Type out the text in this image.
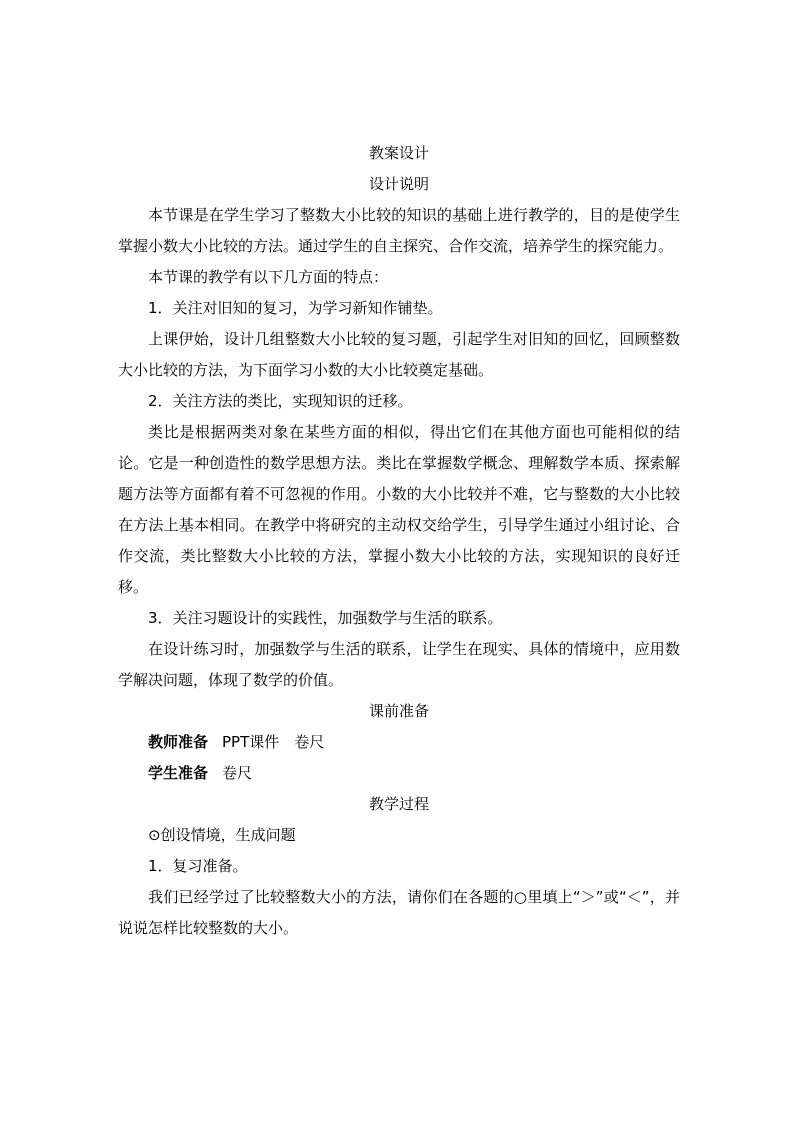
教案设计

设计说明

本节课是在学生学习了整数大小比较的知识的基础上进行教学的，目的是使学生掌握小数大小比较的方法。通过学生的自主探究、合作交流，培养学生的探究能力。

本节课的教学有以下几方面的特点：

1．关注对旧知的复习，为学习新知作铺垫。

上课伊始，设计几组整数大小比较的复习题，引起学生对旧知的回忆，回顾整数大小比较的方法，为下面学习小数的大小比较奠定基础。

2．关注方法的类比，实现知识的迁移。

类比是根据两类对象在某些方面的相似，得出它们在其他方面也可能相似的结论。它是一种创造性的数学思想方法。类比在掌握数学概念、理解数学本质、探索解题方法等方面都有着不可忽视的作用。小数的大小比较并不难，它与整数的大小比较在方法上基本相同。在教学中将研究的主动权交给学生，引导学生通过小组讨论、合作交流，类比整数大小比较的方法，掌握小数大小比较的方法，实现知识的良好迁移。

3．关注习题设计的实践性，加强数学与生活的联系。

在设计练习时，加强数学与生活的联系，让学生在现实、具体的情境中，应用数学解决问题，体现了数学的价值。

课前准备

教师准备 PPT课件　卷尺

学生准备 卷尺

教学过程

⊙创设情境，生成问题

1．复习准备。

我们已经学过了比较整数大小的方法，请你们在各题的○里填上“＞”或“＜”，并说说怎样比较整数的大小。
